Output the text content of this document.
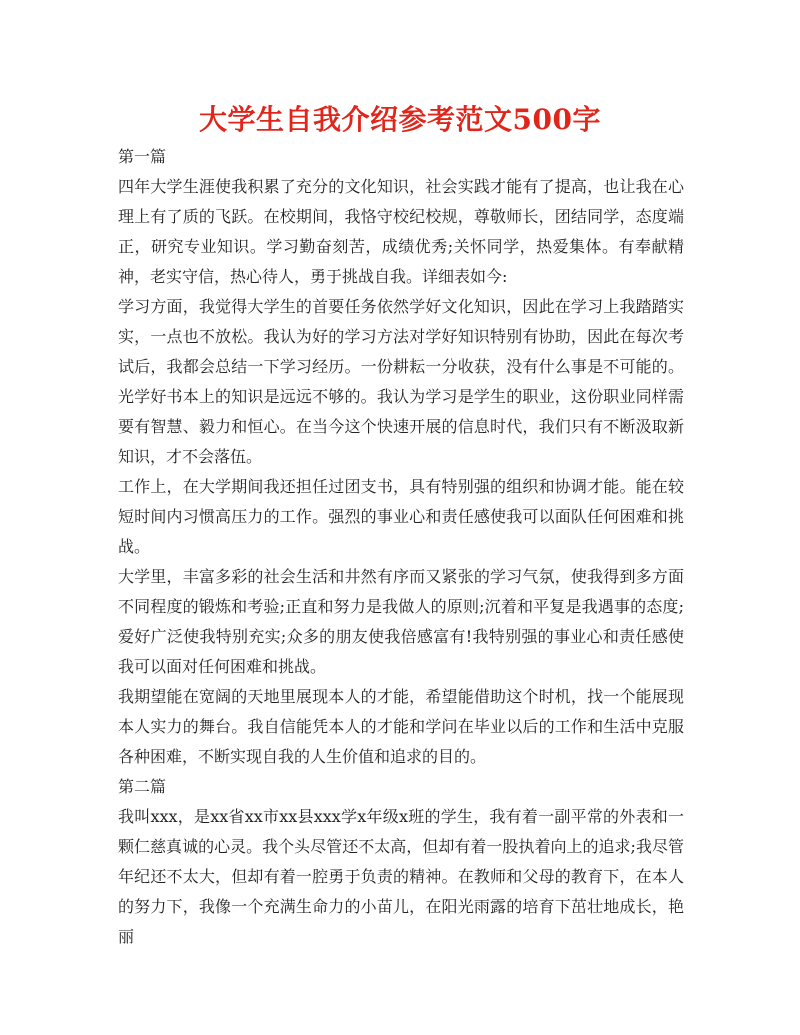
大学生自我介绍参考范文500字

第一篇

四年大学生涯使我积累了充分的文化知识，社会实践才能有了提高，也让我在心理上有了质的飞跃。在校期间，我恪守校纪校规，尊敬师长，团结同学，态度端正，研究专业知识。学习勤奋刻苦，成绩优秀;关怀同学，热爱集体。有奉献精神，老实守信，热心待人，勇于挑战自我。详细表如今:

学习方面，我觉得大学生的首要任务依然学好文化知识，因此在学习上我踏踏实实，一点也不放松。我认为好的学习方法对学好知识特别有协助，因此在每次考试后，我都会总结一下学习经历。一份耕耘一分收获，没有什么事是不可能的。光学好书本上的知识是远远不够的。我认为学习是学生的职业，这份职业同样需要有智慧、毅力和恒心。在当今这个快速开展的信息时代，我们只有不断汲取新知识，才不会落伍。

工作上，在大学期间我还担任过团支书，具有特别强的组织和协调才能。能在较短时间内习惯高压力的工作。强烈的事业心和责任感使我可以面队任何困难和挑战。

大学里，丰富多彩的社会生活和井然有序而又紧张的学习气氛，使我得到多方面不同程度的锻炼和考验;正直和努力是我做人的原则;沉着和平复是我遇事的态度;爱好广泛使我特别充实;众多的朋友使我倍感富有!我特别强的事业心和责任感使我可以面对任何困难和挑战。

我期望能在宽阔的天地里展现本人的才能，希望能借助这个时机，找一个能展现本人实力的舞台。我自信能凭本人的才能和学问在毕业以后的工作和生活中克服各种困难，不断实现自我的人生价值和追求的目的。

第二篇

我叫xxx，是xx省xx市xx县xxx学x年级x班的学生，我有着一副平常的外表和一颗仁慈真诚的心灵。我个头尽管还不太高，但却有着一股执着向上的追求;我尽管年纪还不太大，但却有着一腔勇于负责的精神。在教师和父母的教育下，在本人的努力下，我像一个充满生命力的小苗儿，在阳光雨露的培育下茁壮地成长，艳丽
